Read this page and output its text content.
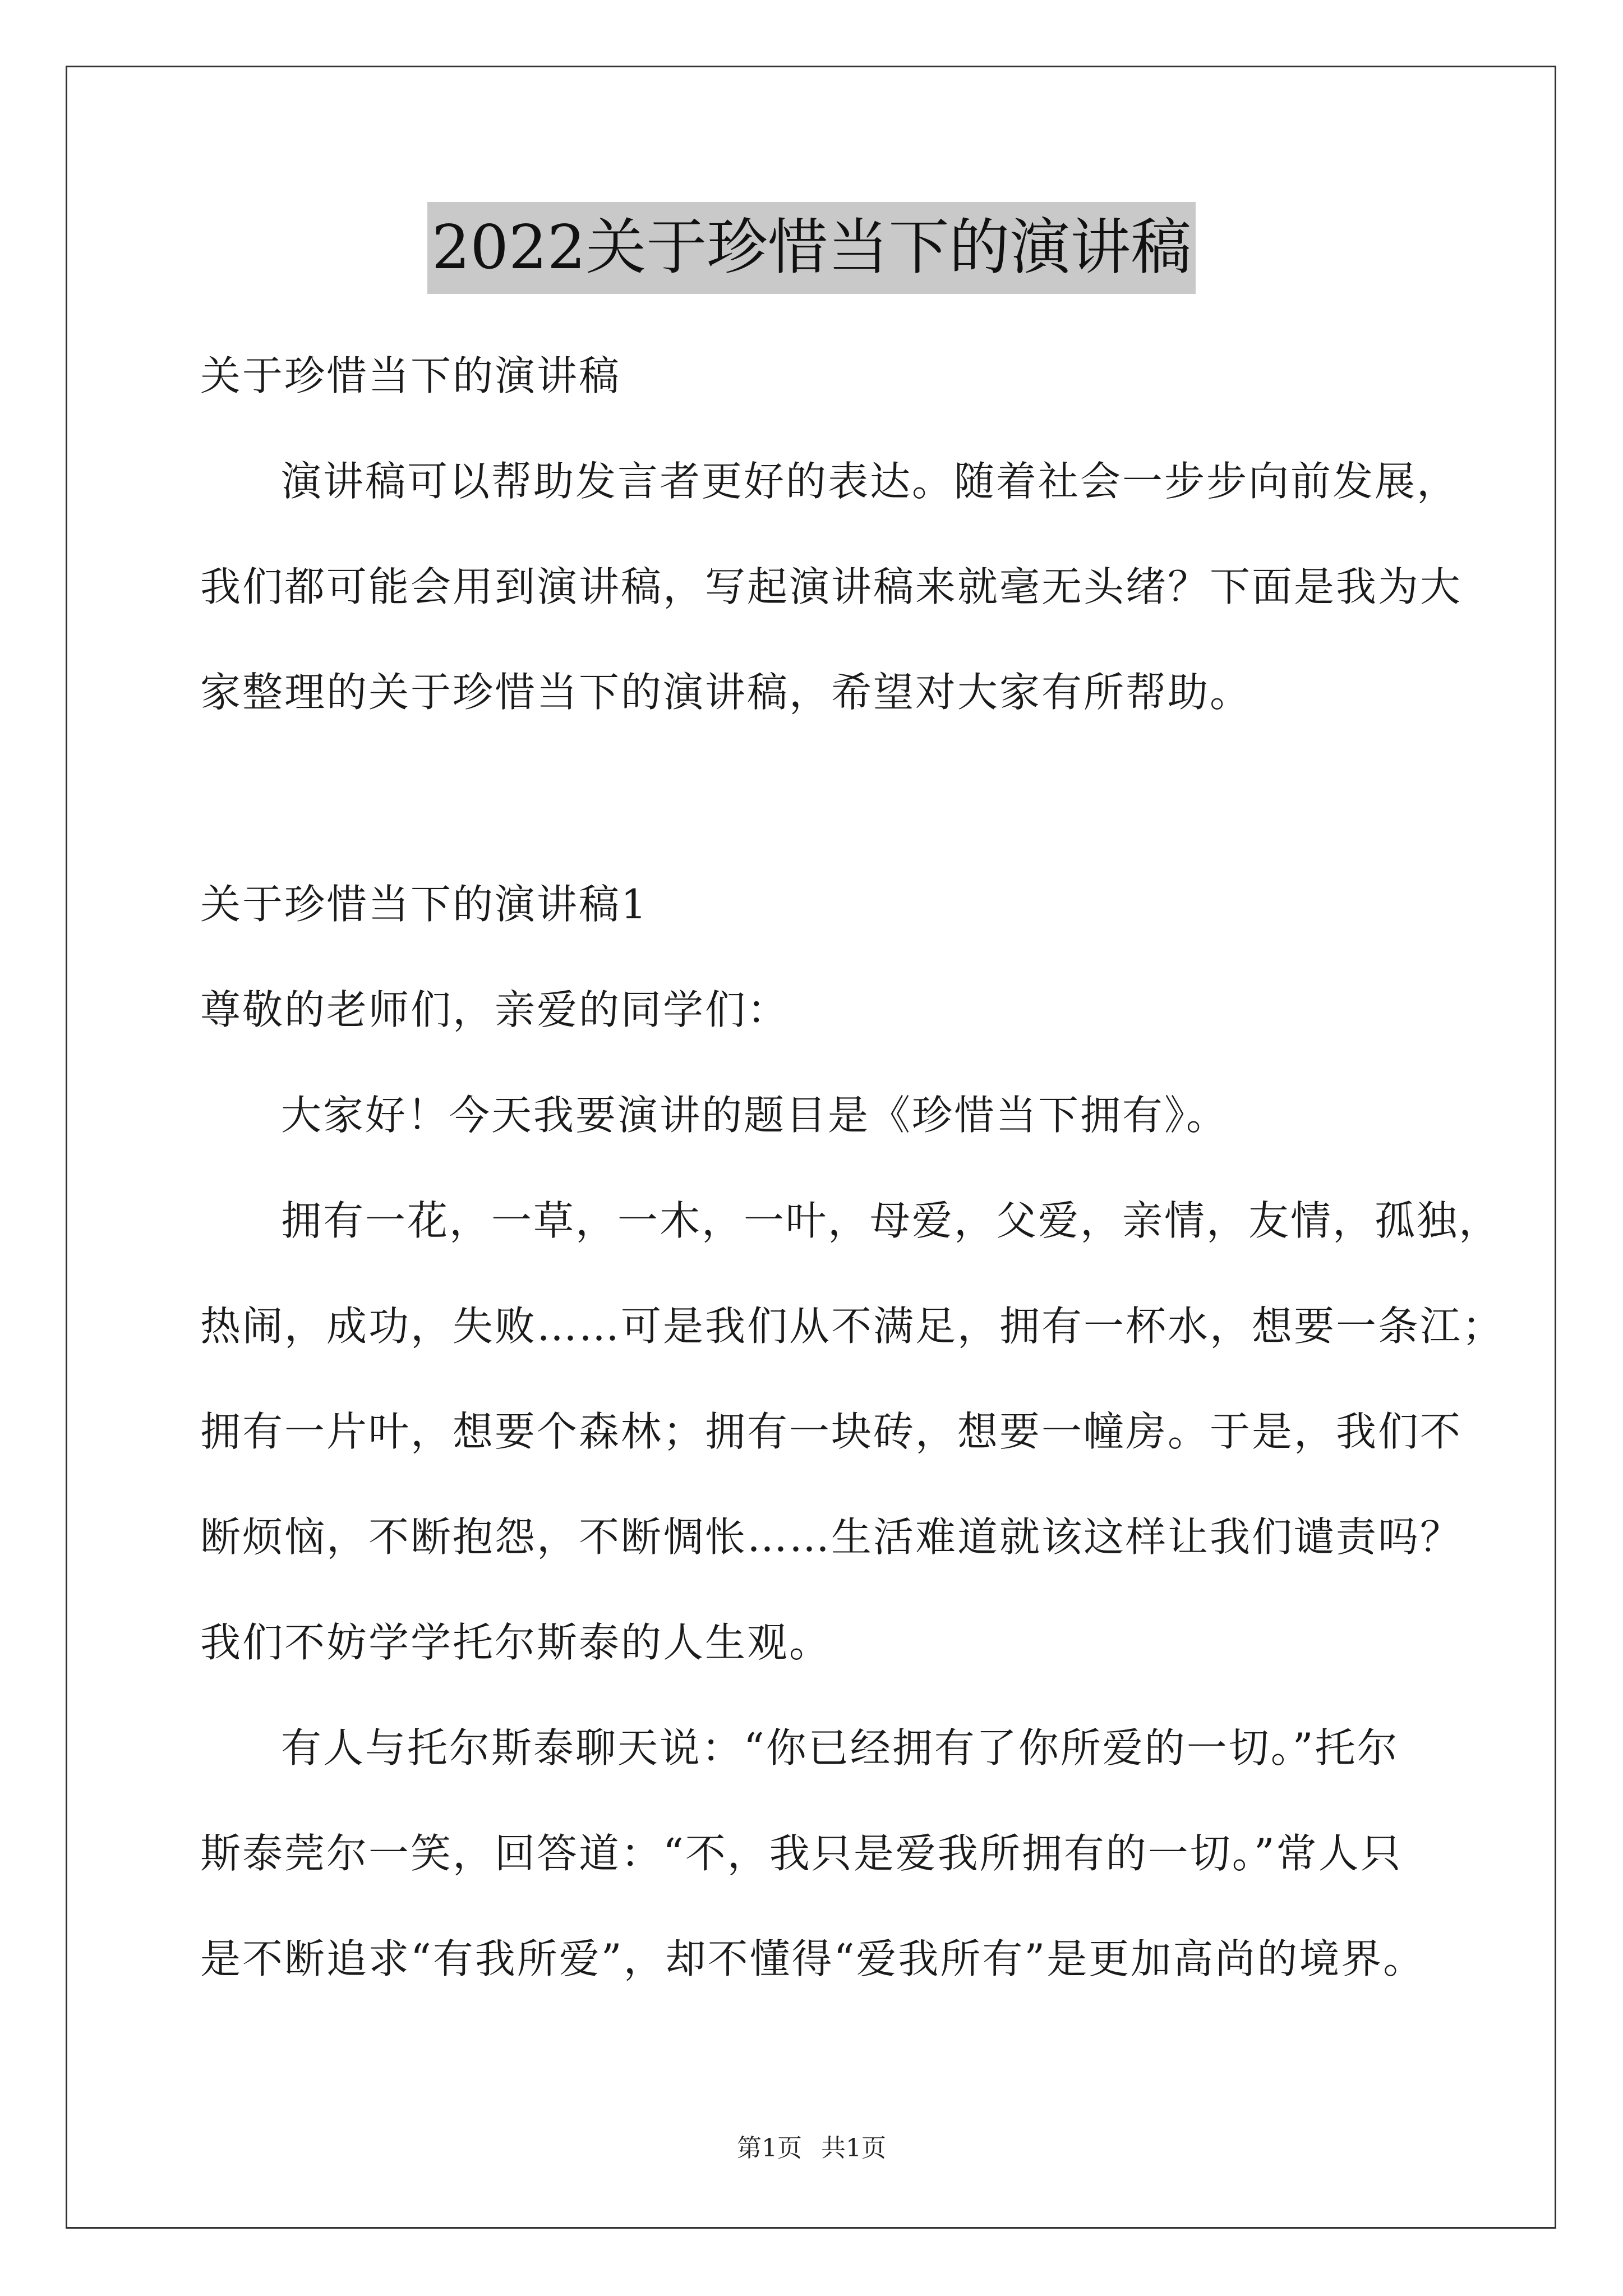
2022关于珍惜当下的演讲稿
关于珍惜当下的演讲稿
演讲稿可以帮助发言者更好的表达。随着社会一步步向前发展，
我们都可能会用到演讲稿，写起演讲稿来就毫无头绪？下面是我为大
家整理的关于珍惜当下的演讲稿，希望对大家有所帮助。
关于珍惜当下的演讲稿1
尊敬的老师们，亲爱的同学们：
大家好！今天我要演讲的题目是《珍惜当下拥有》。
拥有一花，一草，一木，一叶，母爱，父爱，亲情，友情，孤独，
热闹，成功，失败……可是我们从不满足，拥有一杯水，想要一条江；
拥有一片叶，想要个森林；拥有一块砖，想要一幢房。于是，我们不
断烦恼，不断抱怨，不断惆怅……生活难道就该这样让我们谴责吗？
我们不妨学学托尔斯泰的人生观。
有人与托尔斯泰聊天说：“你已经拥有了你所爱的一切。”托尔
斯泰莞尔一笑，回答道：“不，我只是爱我所拥有的一切。”常人只
是不断追求“有我所爱”，却不懂得“爱我所有”是更加高尚的境界。
第1页 共1页
